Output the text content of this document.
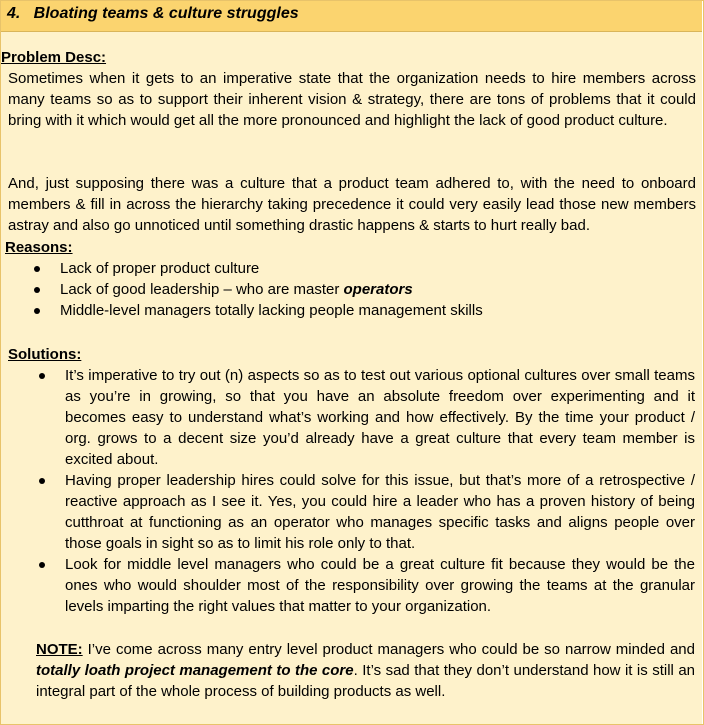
4.   Bloating teams & culture struggles
Problem Desc:
Sometimes when it gets to an imperative state that the organization needs to hire members across many teams so as to support their inherent vision & strategy, there are tons of problems that it could bring with it which would get all the more pronounced and highlight the lack of good product culture.
And, just supposing there was a culture that a product team adhered to, with the need to onboard members & fill in across the hierarchy taking precedence it could very easily lead those new members astray and also go unnoticed until something drastic happens & starts to hurt really bad.
Reasons:
Lack of proper product culture
Lack of good leadership – who are master operators
Middle-level managers totally lacking people management skills
Solutions:
It’s imperative to try out (n) aspects so as to test out various optional cultures over small teams as you’re in growing, so that you have an absolute freedom over experimenting and it becomes easy to understand what’s working and how effectively. By the time your product / org. grows to a decent size you’d already have a great culture that every team member is excited about.
Having proper leadership hires could solve for this issue, but that’s more of a retrospective / reactive approach as I see it. Yes, you could hire a leader who has a proven history of being cutthroat at functioning as an operator who manages specific tasks and aligns people over those goals in sight so as to limit his role only to that.
Look for middle level managers who could be a great culture fit because they would be the ones who would shoulder most of the responsibility over growing the teams at the granular levels imparting the right values that matter to your organization.
NOTE: I’ve come across many entry level product managers who could be so narrow minded and totally loath project management to the core. It’s sad that they don’t understand how it is still an integral part of the whole process of building products as well.
